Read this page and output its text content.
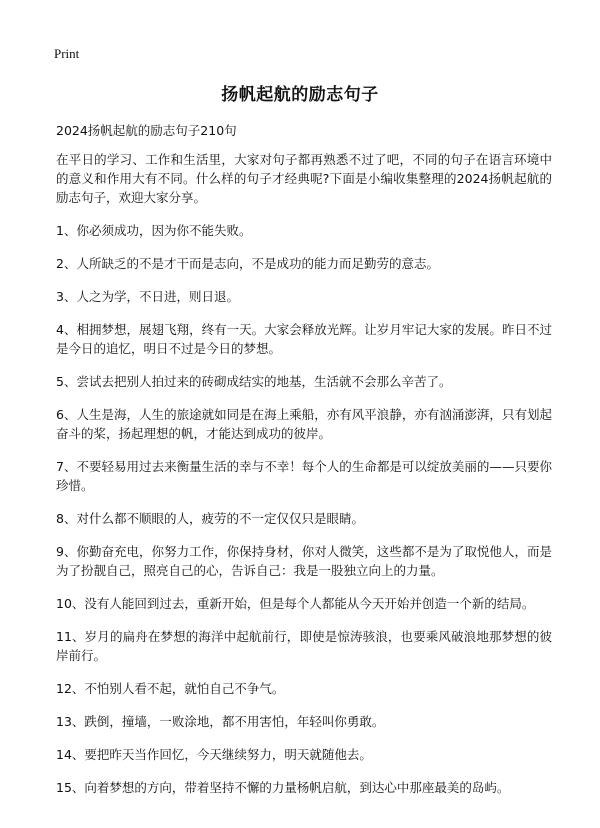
Print
扬帆起航的励志句子
2024扬帆起航的励志句子210句

在平日的学习、工作和生活里，大家对句子都再熟悉不过了吧，不同的句子在语言环境中的意义和作用大有不同。什么样的句子才经典呢?下面是小编收集整理的2024扬帆起航的励志句子，欢迎大家分享。

1、你必须成功，因为你不能失败。

2、人所缺乏的不是才干而是志向，不是成功的能力而足勤劳的意志。

3、人之为学，不日进，则日退。

4、相拥梦想，展翅飞翔，终有一天。大家会释放光辉。让岁月牢记大家的发展。昨日不过是今日的追忆，明日不过是今日的梦想。

5、尝试去把别人拍过来的砖砌成结实的地基，生活就不会那么辛苦了。

6、人生是海，人生的旅途就如同是在海上乘船，亦有风平浪静，亦有汹涌澎湃，只有划起奋斗的桨，扬起理想的帆，才能达到成功的彼岸。

7、不要轻易用过去来衡量生活的幸与不幸！每个人的生命都是可以绽放美丽的——只要你珍惜。

8、对什么都不顺眼的人，疲劳的不一定仅仅只是眼睛。

9、你勤奋充电，你努力工作，你保持身材，你对人微笑，这些都不是为了取悦他人，而是为了扮靓自己，照亮自己的心，告诉自己：我是一股独立向上的力量。

10、没有人能回到过去，重新开始，但是每个人都能从今天开始并创造一个新的结局。

11、岁月的扁舟在梦想的海洋中起航前行，即使是惊涛骇浪，也要乘风破浪地那梦想的彼岸前行。

12、不怕别人看不起，就怕自己不争气。

13、跌倒，撞墙，一败涂地，都不用害怕，年轻叫你勇敢。

14、要把昨天当作回忆，今天继续努力，明天就随他去。

15、向着梦想的方向，带着坚持不懈的力量杨帆启航，到达心中那座最美的岛屿。
